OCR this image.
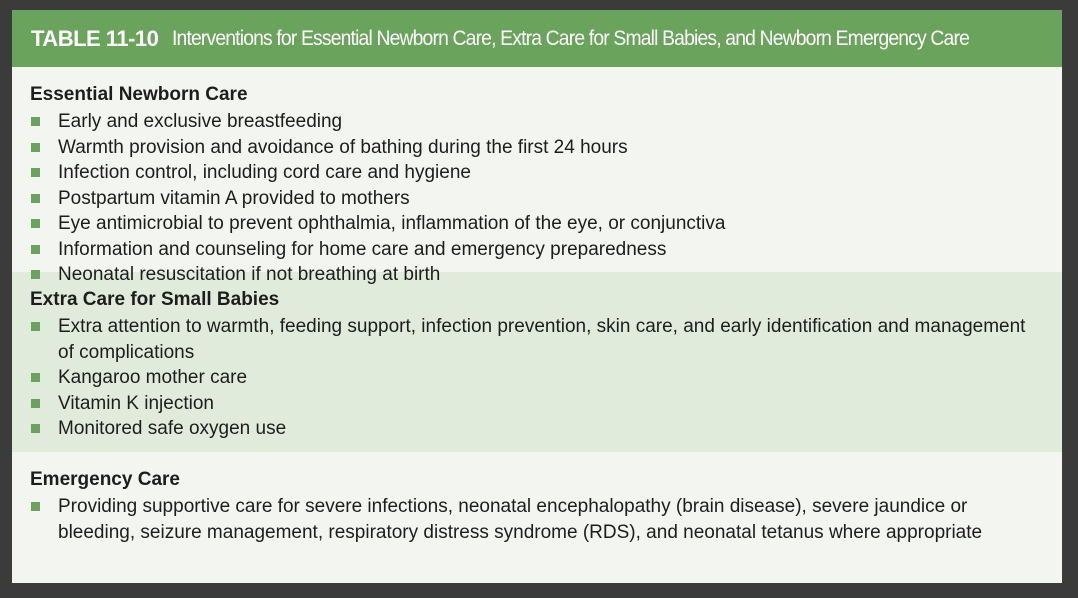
TABLE 11-10 Interventions for Essential Newborn Care, Extra Care for Small Babies, and Newborn Emergency Care
Essential Newborn Care
Early and exclusive breastfeeding
Warmth provision and avoidance of bathing during the first 24 hours
Infection control, including cord care and hygiene
Postpartum vitamin A provided to mothers
Eye antimicrobial to prevent ophthalmia, inflammation of the eye, or conjunctiva
Information and counseling for home care and emergency preparedness
Neonatal resuscitation if not breathing at birth
Extra Care for Small Babies
Extra attention to warmth, feeding support, infection prevention, skin care, and early identification and management of complications
Kangaroo mother care
Vitamin K injection
Monitored safe oxygen use
Emergency Care
Providing supportive care for severe infections, neonatal encephalopathy (brain disease), severe jaundice or bleeding, seizure management, respiratory distress syndrome (RDS), and neonatal tetanus where appropriate
